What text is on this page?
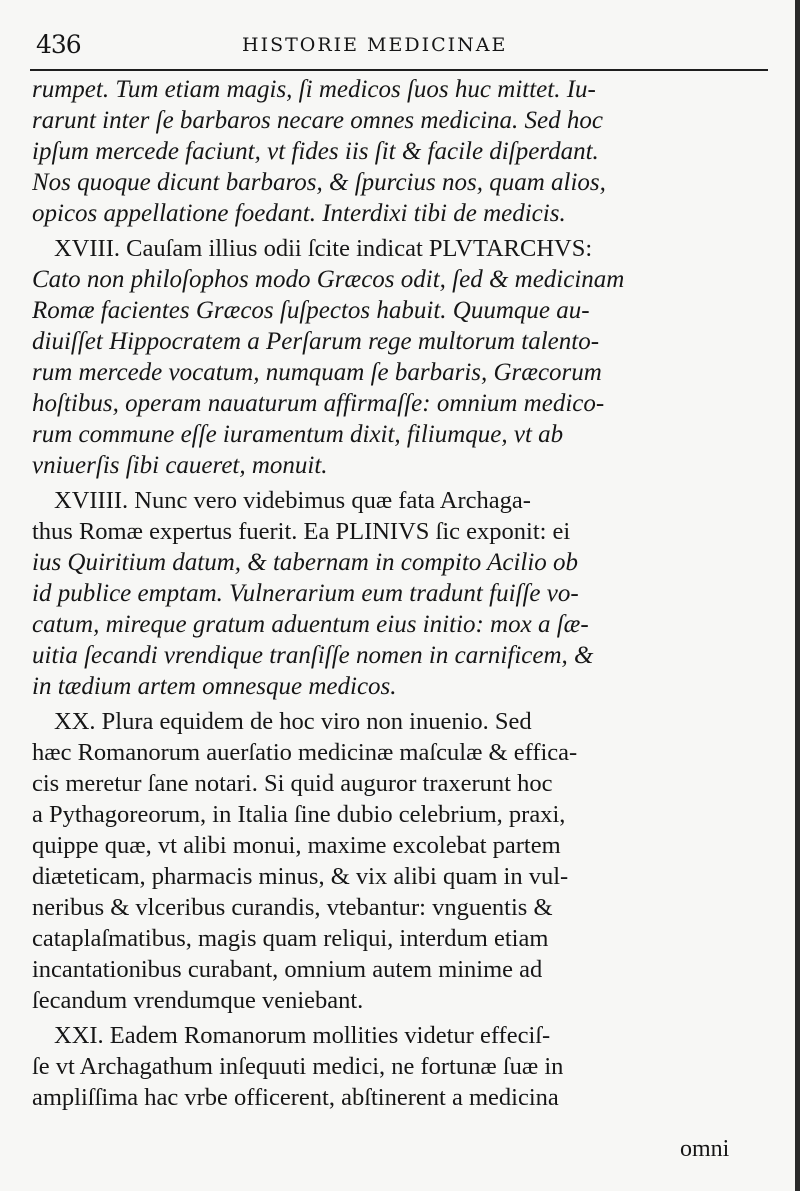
436	HISTORIE MEDICINAE
rumpet. Tum etiam magis, ſi medicos ſuos huc mittet. Iu-
rarunt inter ſe barbaros necare omnes medicina. Sed hoc
ipſum mercede faciunt, vt fides iis ſit & facile diſperdant.
Nos quoque dicunt barbaros, & ſpurcius nos, quam alios,
opicos appellatione foedant. Interdixi tibi de medicis.
XVIII. Cauſam illius odii ſcite indicat PLVTARCHVS:
Cato non philoſophos modo Græcos odit, ſed & medicinam
Romæ facientes Græcos ſuſpectos habuit. Quumque au-
diuiſſet Hippocratem a Perſarum rege multorum talento-
rum mercede vocatum, numquam ſe barbaris, Græcorum
hoſtibus, operam nauaturum affirmaſſe: omnium medico-
rum commune eſſe iuramentum dixit, filiumque, vt ab
vniuerſis ſibi caueret, monuit.
XVIIII. Nunc vero videbimus quæ fata Archaga-
thus Romæ expertus fuerit. Ea PLINIVS ſic exponit: ei
ius Quiritium datum, & tabernam in compito Acilio ob
id publice emptam. Vulnerarium eum tradunt fuiſſe vo-
catum, mireque gratum aduentum eius initio: mox a ſæ-
uitia ſecandi vrendique tranſiſſe nomen in carnificem, &
in tædium artem omnesque medicos.
XX. Plura equidem de hoc viro non inuenio. Sed
hæc Romanorum auerſatio medicinæ maſculæ & effica-
cis meretur ſane notari. Si quid auguror traxerunt hoc
a Pythagoreorum, in Italia ſine dubio celebrium, praxi,
quippe quæ, vt alibi monui, maxime excolebat partem
diæteticam, pharmacis minus, & vix alibi quam in vul-
neribus & vlceribus curandis, vtebantur: vnguentis &
cataplaſmatibus, magis quam reliqui, interdum etiam
incantationibus curabant, omnium autem minime ad
ſecandum vrendumque veniebant.
XXI. Eadem Romanorum mollities videtur effeciſ-
ſe vt Archagathum inſequuti medici, ne fortunæ ſuæ in
ampliſſima hac vrbe officerent, abſtinerent a medicina
omni
